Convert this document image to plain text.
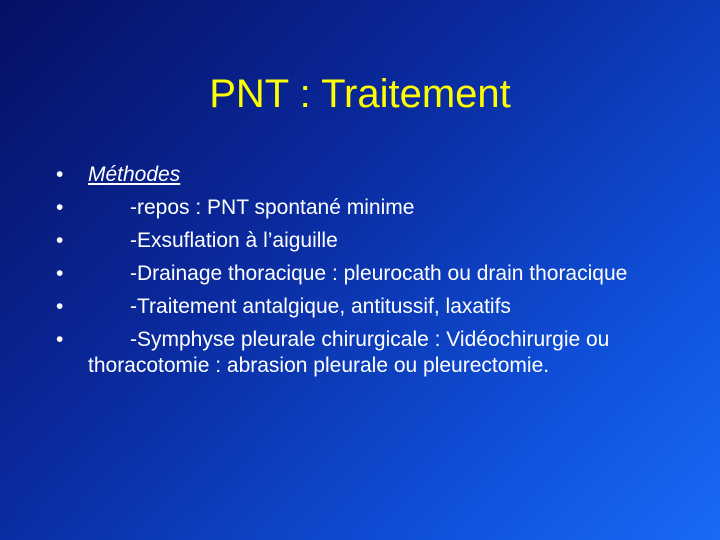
PNT : Traitement
• Méthodes
•	-repos : PNT spontané minime
•	-Exsuflation à l’aiguille
•	-Drainage thoracique : pleurocath ou drain thoracique
•	-Traitement antalgique, antitussif, laxatifs
•	-Symphyse pleurale chirurgicale : Vidéochirurgie ou thoracotomie : abrasion pleurale ou pleurectomie.
